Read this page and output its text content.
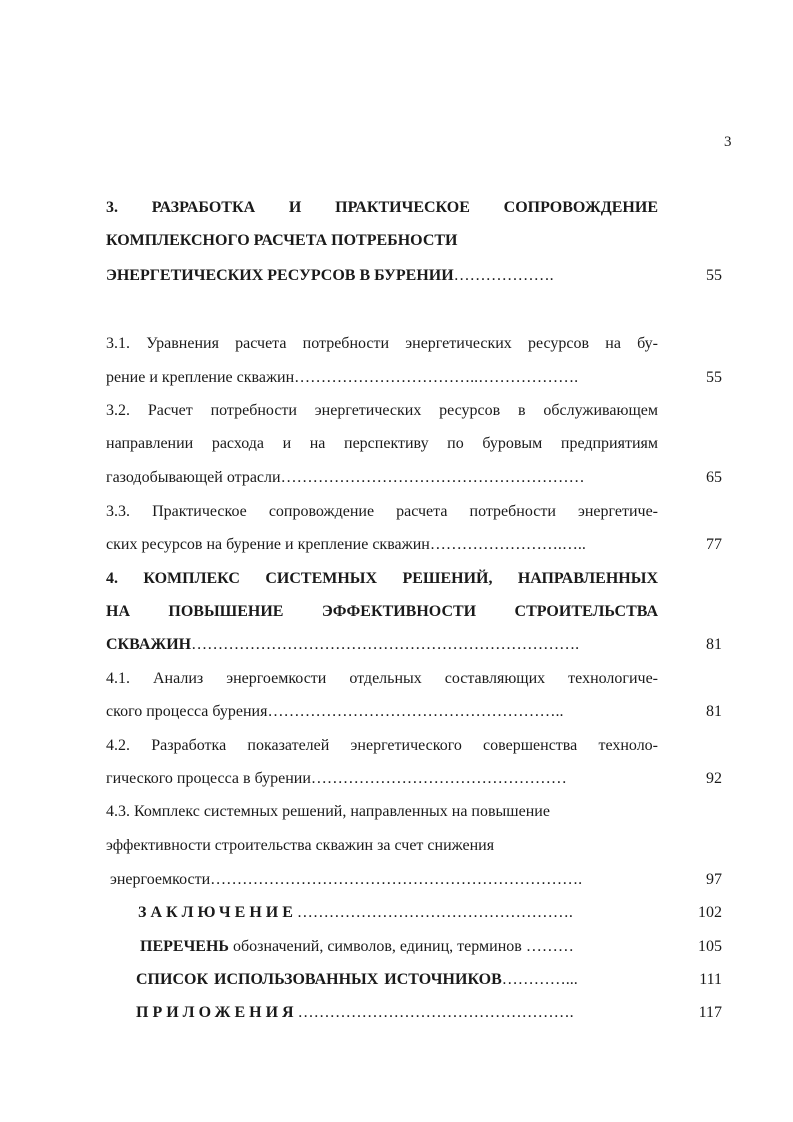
3
3. РАЗРАБОТКА И ПРАКТИЧЕСКОЕ СОПРОВОЖДЕНИЕ
КОМПЛЕКСНОГО РАСЧЕТА ПОТРЕБНОСТИ
ЭНЕРГЕТИЧЕСКИХ РЕСУРСОВ В БУРЕНИИ……………….	55
3.1. Уравнения расчета потребности энергетических ресурсов на бу-
рение и крепление скважин……………………………..……………….	55
3.2. Расчет потребности энергетических ресурсов в обслуживающем
направлении расхода и на перспективу по буровым предприятиям
газодобывающей отрасли…………………………………………………	65
3.3. Практическое сопровождение расчета потребности энергетиче-
ских ресурсов на бурение и крепление скважин…………………….…..	77
4. КОМПЛЕКС СИСТЕМНЫХ РЕШЕНИЙ, НАПРАВЛЕННЫХ
НА ПОВЫШЕНИЕ ЭФФЕКТИВНОСТИ СТРОИТЕЛЬСТВА
СКВАЖИН……………………………………………………………….	81
4.1. Анализ энергоемкости отдельных составляющих технологиче-
ского процесса бурения………………………………………………..	81
4.2. Разработка показателей энергетического совершенства техноло-
гического процесса в бурении…………………………………………	92
4.3. Комплекс системных решений, направленных на повышение
эффективности строительства скважин за счет снижения
энергоемкости…………………………………………………………….	97
ЗАКЛЮЧЕНИЕ…………………………………………….	102
ПЕРЕЧЕНЬ обозначений, символов, единиц, терминов ………	105
СПИСОК ИСПОЛЬЗОВАННЫХ ИСТОЧНИКОВ…………...	111
ПРИЛОЖЕНИЯ…………………………………………….	117
